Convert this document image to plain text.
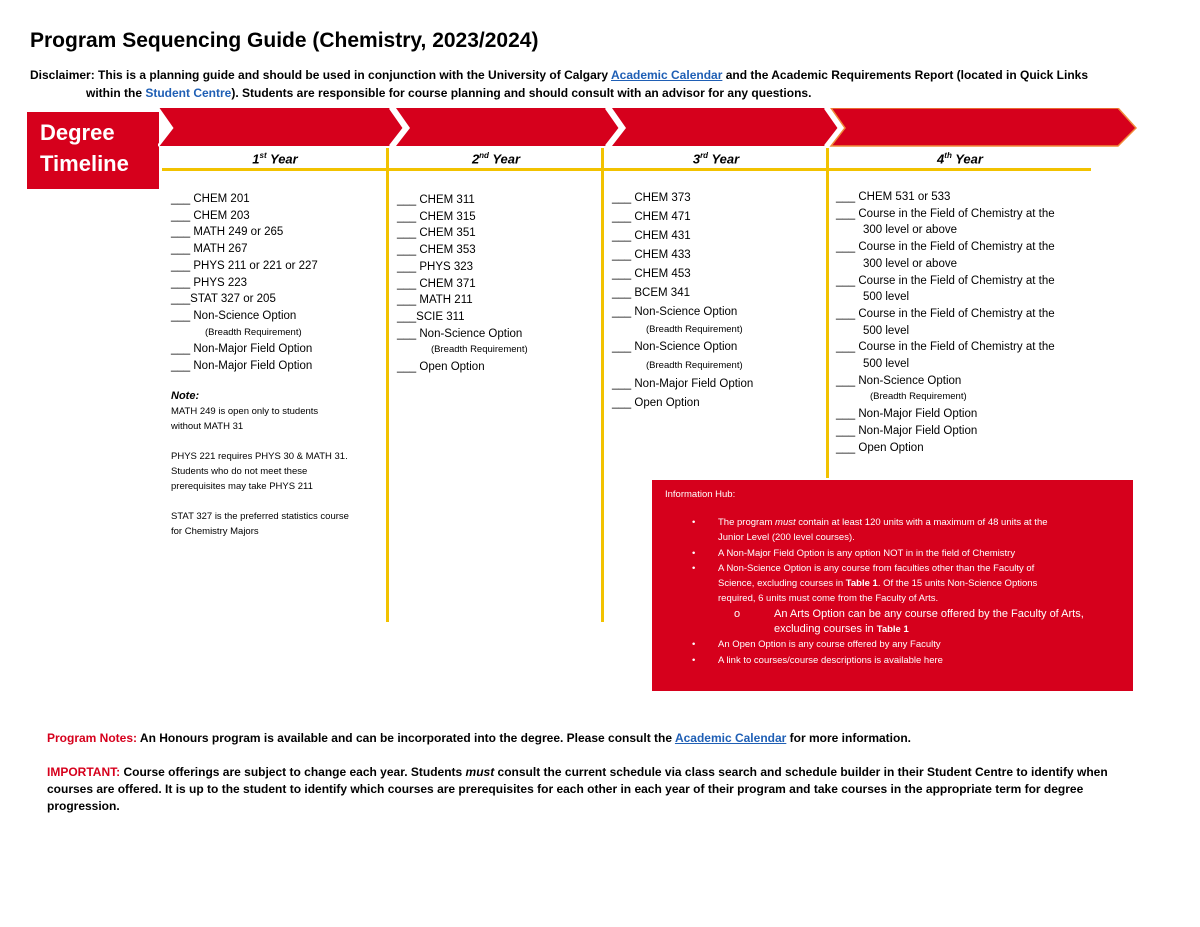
Program Sequencing Guide (Chemistry, 2023/2024)
Disclaimer: This is a planning guide and should be used in conjunction with the University of Calgary Academic Calendar and the Academic Requirements Report (located in Quick Links
within the Student Centre). Students are responsible for course planning and should consult with an advisor for any questions.
Degree
Timeline	1st Year	2nd Year	3rd Year	4th Year
___ CHEM 201
___ CHEM 203
___ MATH 249 or 265
___ MATH 267
___ PHYS 211 or 221 or 227
___ PHYS 223
___STAT 327 or 205
___ Non-Science Option
(Breadth Requirement)
___ Non-Major Field Option
___ Non-Major Field Option
Note:
MATH 249 is open only to students
without MATH 31
PHYS 221 requires PHYS 30 & MATH 31.
Students who do not meet these
prerequisites may take PHYS 211
STAT 327 is the preferred statistics course
for Chemistry Majors
___ CHEM 311
___ CHEM 315
___ CHEM 351
___ CHEM 353
___ PHYS 323
___ CHEM 371
___ MATH 211
___SCIE 311
___ Non-Science Option
(Breadth Requirement)
___ Open Option
___ CHEM 373
___ CHEM 471
___ CHEM 431
___ CHEM 433
___ CHEM 453
___ BCEM 341
___ Non-Science Option
(Breadth Requirement)
___ Non-Science Option
(Breadth Requirement)
___ Non-Major Field Option
___ Open Option
___ CHEM 531 or 533
___ Course in the Field of Chemistry at the
300 level or above
___ Course in the Field of Chemistry at the
300 level or above
___ Course in the Field of Chemistry at the
500 level
___ Course in the Field of Chemistry at the
500 level
___ Course in the Field of Chemistry at the
500 level
___ Non-Science Option
(Breadth Requirement)
___ Non-Major Field Option
___ Non-Major Field Option
___ Open Option
Information Hub:
• The program must contain at least 120 units with a maximum of 48 units at the
Junior Level (200 level courses).
• A Non-Major Field Option is any option NOT in in the field of Chemistry
• A Non-Science Option is any course from faculties other than the Faculty of
Science, excluding courses in Table 1. Of the 15 units Non-Science Options
required, 6 units must come from the Faculty of Arts.
o	An Arts Option can be any course offered by the Faculty of Arts,
excluding courses in Table 1
• An Open Option is any course offered by any Faculty
• A link to courses/course descriptions is available here
Program Notes: An Honours program is available and can be incorporated into the degree. Please consult the Academic Calendar for more information.
IMPORTANT: Course offerings are subject to change each year. Students must consult the current schedule via class search and schedule builder in their Student Centre to identify when courses are offered. It is up to the student to identify which courses are prerequisites for each other in each year of their program and take courses in the appropriate term for degree progression.
